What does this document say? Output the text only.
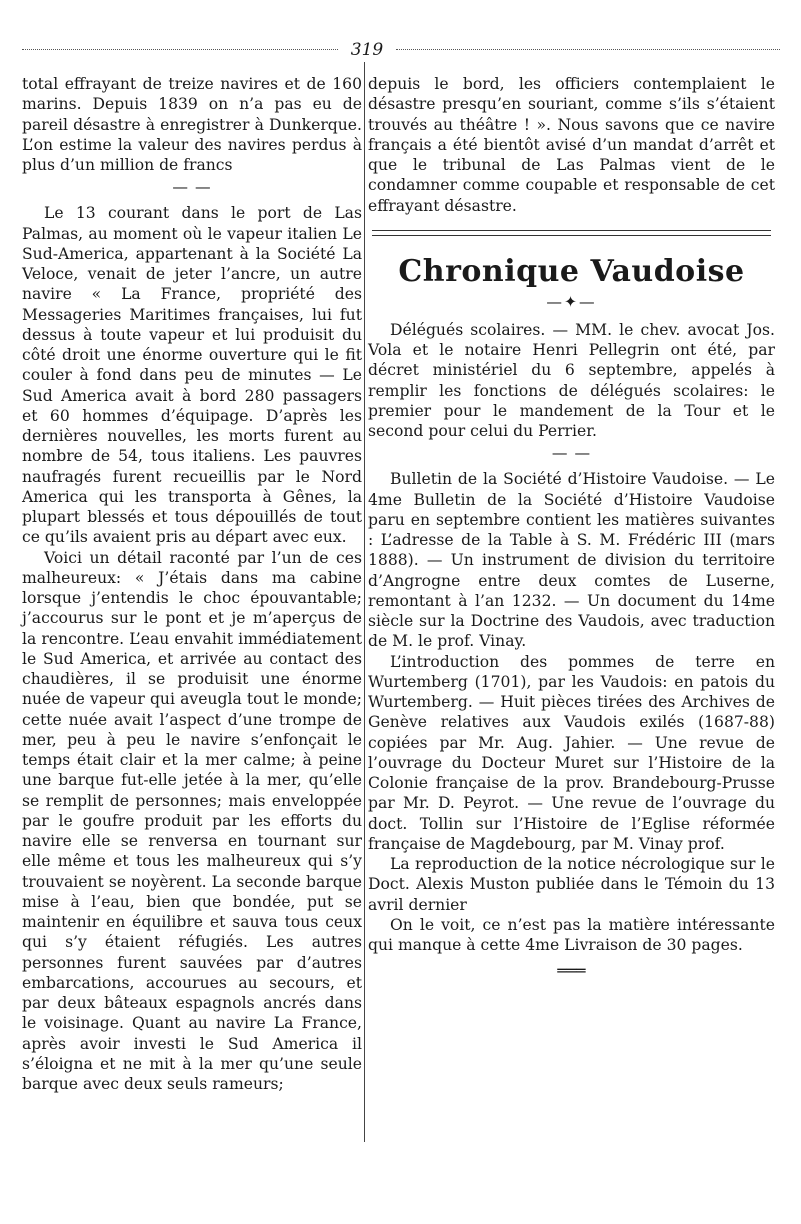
319

total effrayant de treize navires et de 160 marins. Depuis 1839 on n’a pas eu de pareil désastre à enregistrer à Dunkerque. L’on estime la valeur des navires perdus à plus d’un million de francs

— —

Le 13 courant dans le port de Las Palmas, au moment où le vapeur italien Le Sud-America, appartenant à la Société La Veloce, venait de jeter l’ancre, un autre navire « La France, propriété des Messageries Maritimes françaises, lui fut dessus à toute vapeur et lui produisit du côté droit une énorme ouverture qui le fit couler à fond dans peu de minutes — Le Sud America avait à bord 280 passagers et 60 hommes d’équipage. D’après les dernières nouvelles, les morts furent au nombre de 54, tous italiens. Les pauvres naufragés furent recueillis par le Nord America qui les transporta à Gênes, la plupart blessés et tous dépouillés de tout ce qu’ils avaient pris au départ avec eux.

Voici un détail raconté par l’un de ces malheureux: « J’étais dans ma cabine lorsque j’entendis le choc épouvantable; j’accourus sur le pont et je m’aperçus de la rencontre. L’eau envahit immédiatement le Sud America, et arrivée au contact des chaudières, il se produisit une énorme nuée de vapeur qui aveugla tout le monde; cette nuée avait l’aspect d’une trompe de mer, peu à peu le navire s’enfonçait le temps était clair et la mer calme; à peine une barque fut-elle jetée à la mer, qu’elle se remplit de personnes; mais enveloppée par le goufre produit par les efforts du navire elle se renversa en tournant sur elle même et tous les malheureux qui s’y trouvaient se noyèrent. La seconde barque mise à l’eau, bien que bondée, put se maintenir en équilibre et sauva tous ceux qui s’y étaient réfugiés. Les autres personnes furent sauvées par d’autres embarcations, accourues au secours, et par deux bâteaux espagnols ancrés dans le voisinage. Quant au navire La France, après avoir investi le Sud America il s’éloigna et ne mit à la mer qu’une seule barque avec deux seuls rameurs;

depuis le bord, les officiers contemplaient le désastre presqu’en souriant, comme s’ils s’étaient trouvés au théâtre ! ». Nous savons que ce navire français a été bientôt avisé d’un mandat d’arrêt et que le tribunal de Las Palmas vient de le condamner comme coupable et responsable de cet effrayant désastre.

Chronique Vaudoise
—✦—

Délégués scolaires. — MM. le chev. avocat Jos. Vola et le notaire Henri Pellegrin ont été, par décret ministériel du 6 septembre, appelés à remplir les fonctions de délégués scolaires: le premier pour le mandement de la Tour et le second pour celui du Perrier.

— —

Bulletin de la Société d’Histoire Vaudoise. — Le 4me Bulletin de la Société d’Histoire Vaudoise paru en septembre contient les matières suivantes : L’adresse de la Table à S. M. Frédéric III (mars 1888). — Un instrument de division du territoire d’Angrogne entre deux comtes de Luserne, remontant à l’an 1232. — Un document du 14me siècle sur la Doctrine des Vaudois, avec traduction de M. le prof. Vinay.

L’introduction des pommes de terre en Wurtemberg (1701), par les Vaudois: en patois du Wurtemberg. — Huit pièces tirées des Archives de Genève relatives aux Vaudois exilés (1687-88) copiées par Mr. Aug. Jahier. — Une revue de l’ouvrage du Docteur Muret sur l’Histoire de la Colonie française de la prov. Brandebourg-Prusse par Mr. D. Peyrot. — Une revue de l’ouvrage du doct. Tollin sur l’Histoire de l’Eglise réformée française de Magdebourg, par M. Vinay prof.

La reproduction de la notice nécrologique sur le Doct. Alexis Muston publiée dans le Témoin du 13 avril dernier

On le voit, ce n’est pas la matière intéressante qui manque à cette 4me Livraison de 30 pages.

═══
